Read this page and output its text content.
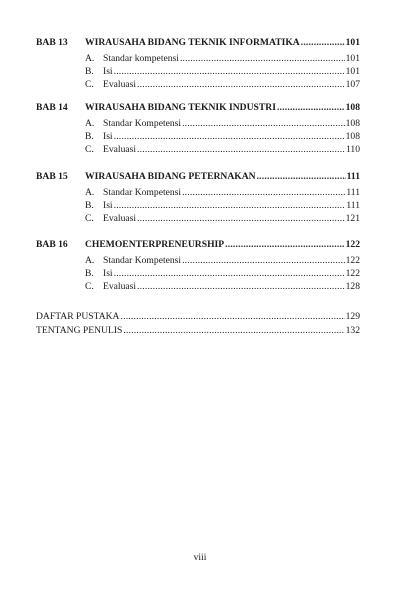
BAB 13	WIRAUSAHA BIDANG TEKNIK INFORMATIKA .....	101
A. Standar kompetensi .....	101
B. Isi .....	101
C. Evaluasi .....	107
BAB 14	WIRAUSAHA BIDANG TEKNIK INDUSTRI .....	108
A. Standar Kompetensi .....	108
B. Isi .....	108
C. Evaluasi .....	110
BAB 15	WIRAUSAHA BIDANG PETERNAKAN .....	111
A. Standar Kompetensi .....	111
B. Isi .....	111
C. Evaluasi .....	121
BAB 16	CHEMOENTERPRENEURSHIP .....	122
A. Standar Kompetensi .....	122
B. Isi .....	122
C. Evaluasi .....	128
DAFTAR PUSTAKA .....	129
TENTANG PENULIS .....	132
viii
